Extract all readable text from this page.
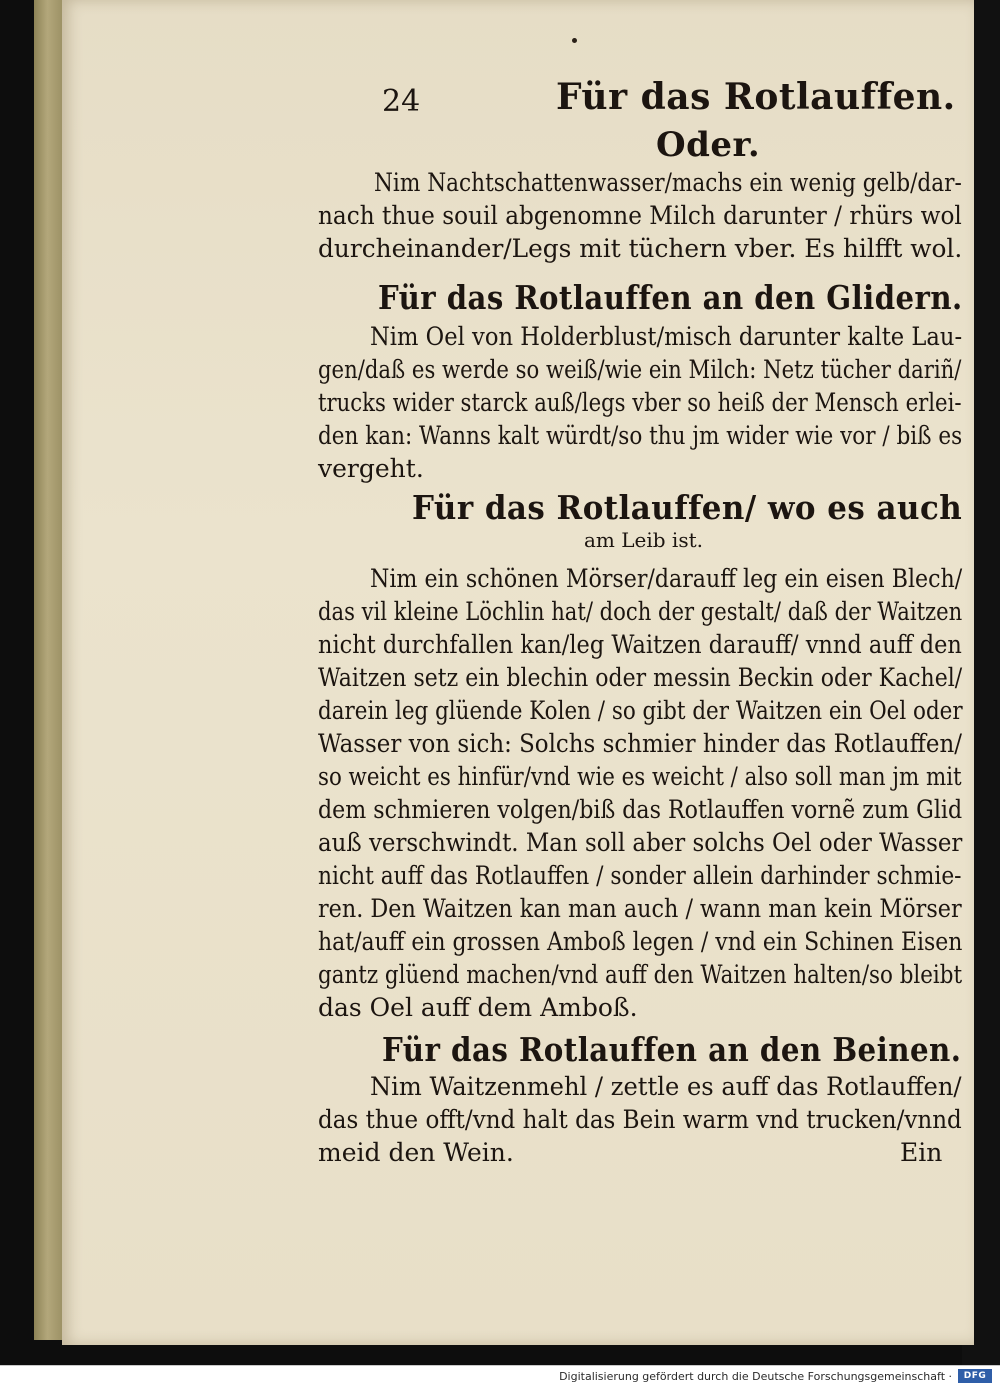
24	Für das Rotlauffen.
Oder.
Nim Nachtschattenwasser/machs ein wenig gelb/dar-
nach thue souil abgenomne Milch darunter / rhürs wol
durcheinander/Legs mit tüchern vber. Es hilfft wol.
Für das Rotlauffen an den Glidern.
Nim Oel von Holderblust/misch darunter kalte Lau-
gen/daß es werde so weiß/wie ein Milch: Netz tücher dariñ/
trucks wider starck auß/legs vber so heiß der Mensch erlei-
den kan: Wanns kalt würdt/so thu jm wider wie vor / biß es
vergeht.
Für das Rotlauffen/ wo es auch
am Leib ist.
Nim ein schönen Mörser/darauff leg ein eisen Blech/
das vil kleine Löchlin hat/ doch der gestalt/ daß der Waitzen
nicht durchfallen kan/leg Waitzen darauff/ vnnd auff den
Waitzen setz ein blechin oder messin Beckin oder Kachel/
darein leg glüende Kolen / so gibt der Waitzen ein Oel oder
Wasser von sich: Solchs schmier hinder das Rotlauffen/
so weicht es hinfür/vnd wie es weicht / also soll man jm mit
dem schmieren volgen/biß das Rotlauffen vornẽ zum Glid
auß verschwindt. Man soll aber solchs Oel oder Wasser
nicht auff das Rotlauffen / sonder allein darhinder schmie-
ren. Den Waitzen kan man auch / wann man kein Mörser
hat/auff ein grossen Amboß legen / vnd ein Schinen Eisen
gantz glüend machen/vnd auff den Waitzen halten/so bleibt
das Oel auff dem Amboß.
Für das Rotlauffen an den Beinen.
Nim Waitzenmehl / zettle es auff das Rotlauffen/
das thue offt/vnd halt das Bein warm vnd trucken/vnnd
meid den Wein.	Ein
Digitalisierung gefördert durch die Deutsche Forschungsgemeinschaft ·	DFG
